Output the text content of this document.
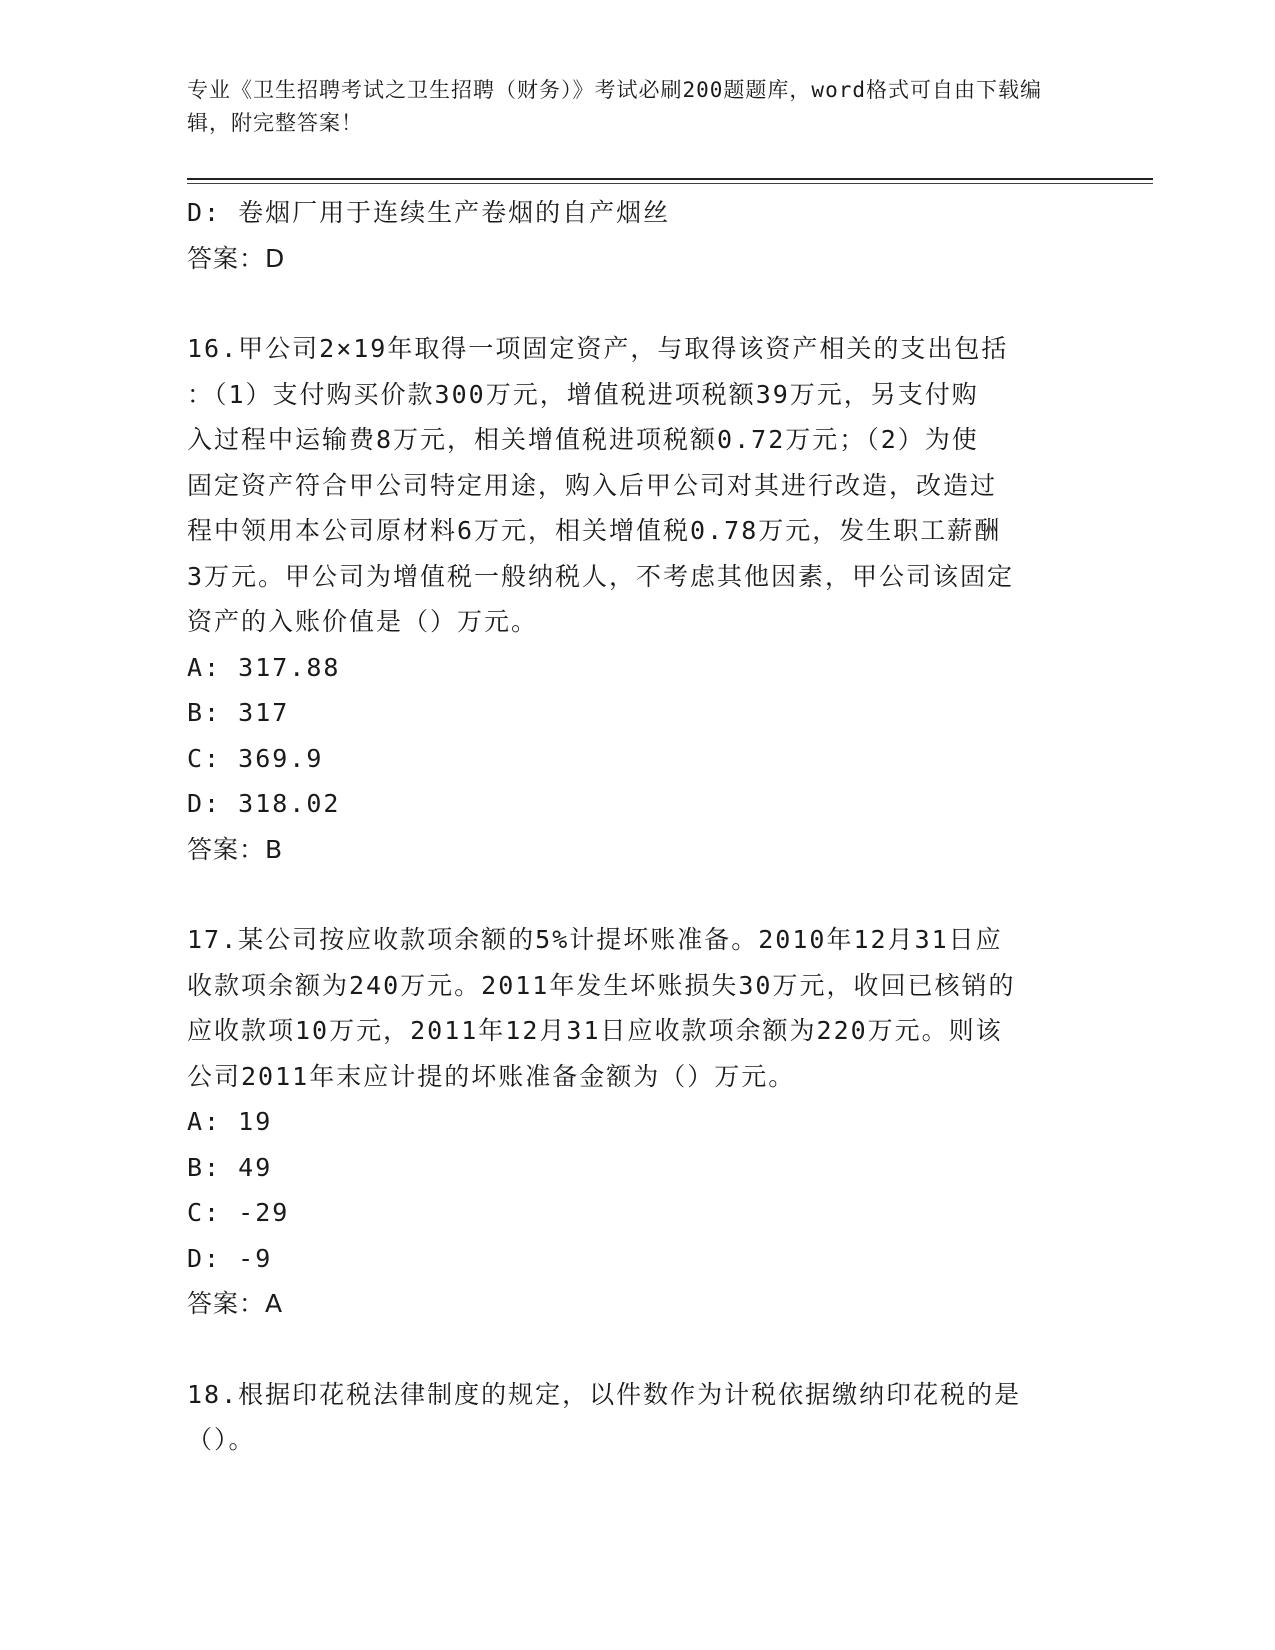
专业《卫生招聘考试之卫生招聘（财务）》考试必刷200题题库，word格式可自由下载编辑，附完整答案！
D: 卷烟厂用于连续生产卷烟的自产烟丝
答案：D
16.甲公司2×19年取得一项固定资产，与取得该资产相关的支出包括
：（1）支付购买价款300万元，增值税进项税额39万元，另支付购
入过程中运输费8万元，相关增值税进项税额0.72万元；（2）为使
固定资产符合甲公司特定用途，购入后甲公司对其进行改造，改造过
程中领用本公司原材料6万元，相关增值税0.78万元，发生职工薪酬
3万元。甲公司为增值税一般纳税人，不考虑其他因素，甲公司该固定
资产的入账价值是（）万元。
A: 317.88
B: 317
C: 369.9
D: 318.02
答案：B
17.某公司按应收款项余额的5%计提坏账准备。2010年12月31日应
收款项余额为240万元。2011年发生坏账损失30万元，收回已核销的
应收款项10万元，2011年12月31日应收款项余额为220万元。则该
公司2011年末应计提的坏账准备金额为（）万元。
A: 19
B: 49
C: -29
D: -9
答案：A
18.根据印花税法律制度的规定，以件数作为计税依据缴纳印花税的是
（）。
